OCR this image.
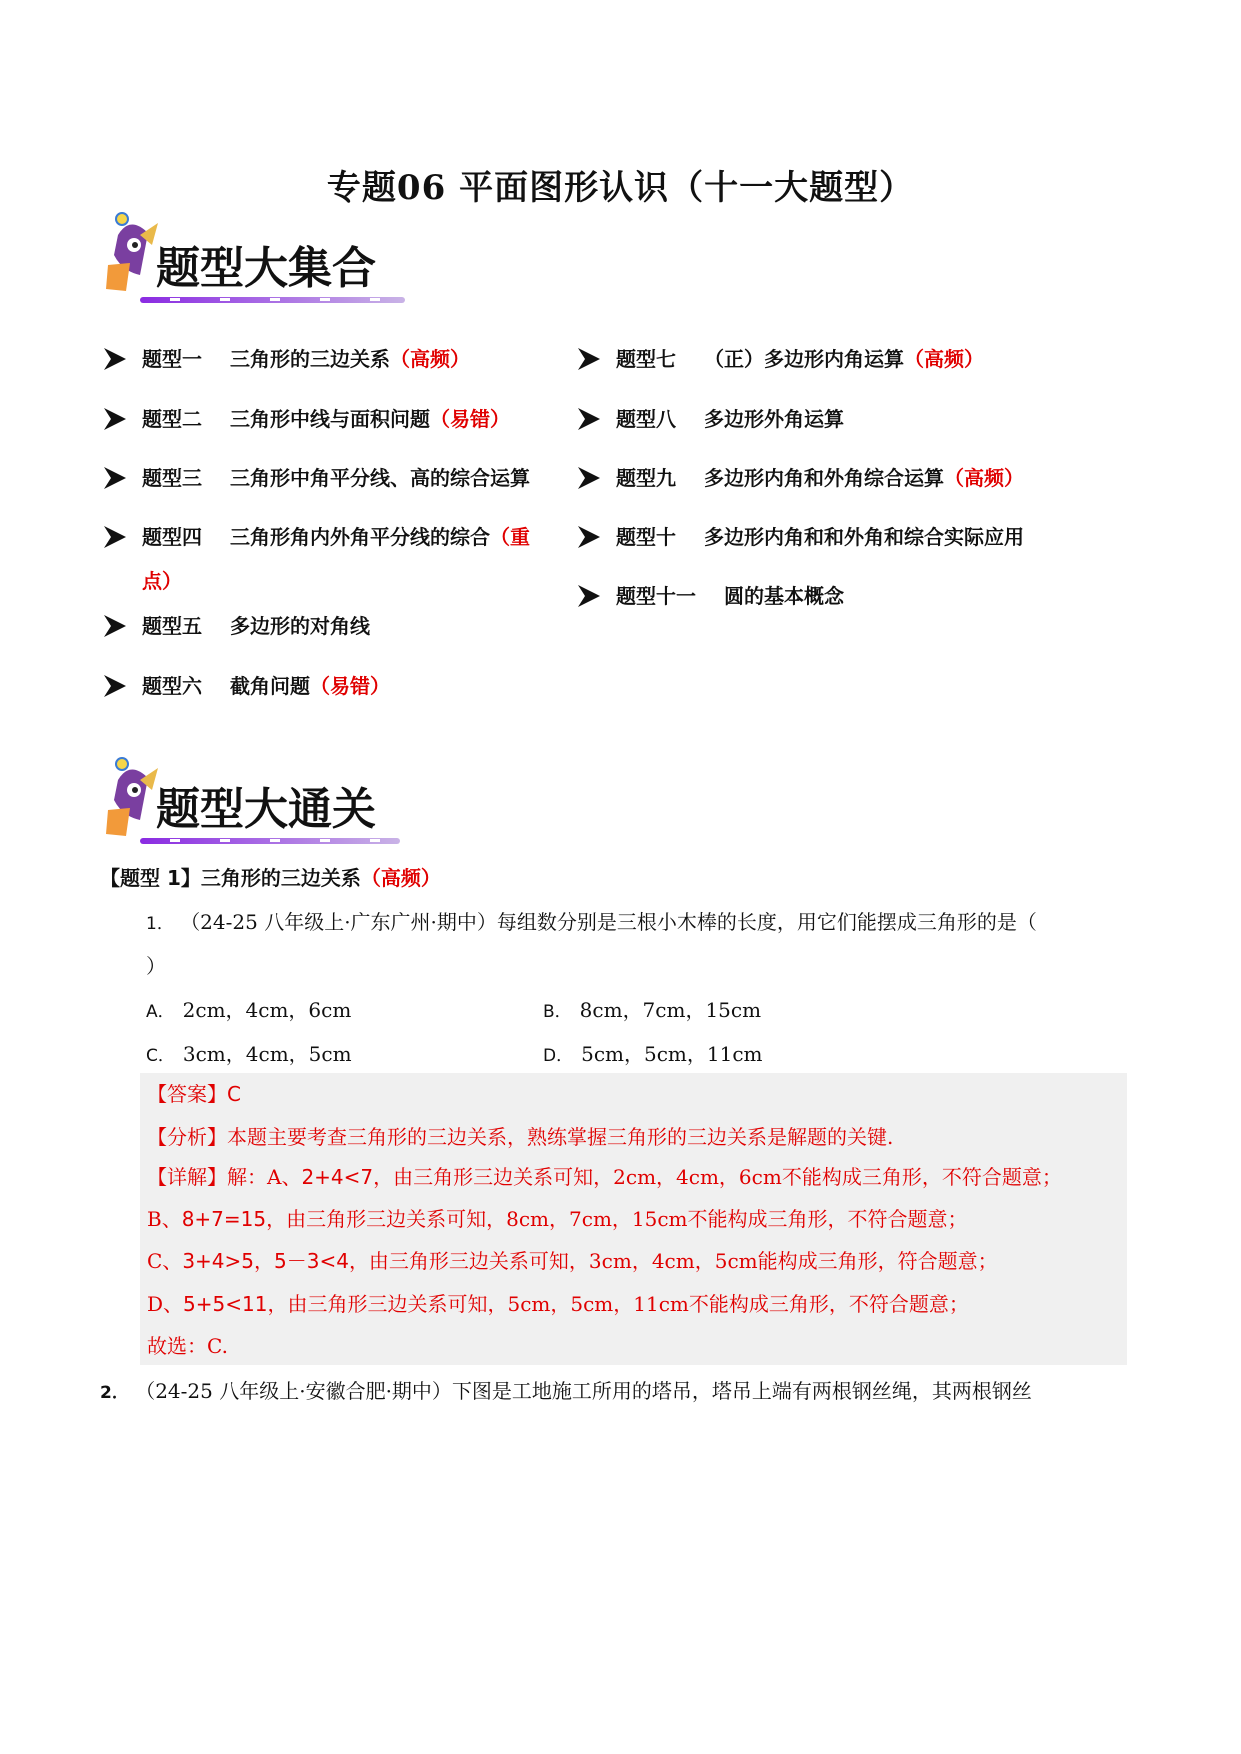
专题06 平面图形认识（十一大题型）
题型大集合
题型一 三角形的三边关系（高频）
题型二 三角形中线与面积问题（易错）
题型三 三角形中角平分线、高的综合运算
题型四 三角形角内外角平分线的综合（重
点）
题型五 多边形的对角线
题型六 截角问题（易错）
题型七 （正）多边形内角运算（高频）
题型八 多边形外角运算
题型九 多边形内角和外角综合运算（高频）
题型十 多边形内角和和外角和综合实际应用
题型十一 圆的基本概念
题型大通关
【题型 1】三角形的三边关系（高频）
1． （24-25 八年级上·广东广州·期中）每组数分别是三根小木棒的长度，用它们能摆成三角形的是（
）
A． 2cm，4cm，6cm	B． 8cm，7cm，15cm
C． 3cm，4cm，5cm	D． 5cm，5cm，11cm
【答案】C
【分析】本题主要考查三角形的三边关系，熟练掌握三角形的三边关系是解题的关键.
【详解】解：A、2+4<7，由三角形三边关系可知，2cm，4cm，6cm不能构成三角形，不符合题意；
B、8+7=15，由三角形三边关系可知，8cm，7cm，15cm不能构成三角形，不符合题意；
C、3+4>5，5－3<4，由三角形三边关系可知，3cm，4cm，5cm能构成三角形，符合题意；
D、5+5<11，由三角形三边关系可知，5cm，5cm，11cm不能构成三角形，不符合题意；
故选：C.
2． （24-25 八年级上·安徽合肥·期中）下图是工地施工所用的塔吊，塔吊上端有两根钢丝绳，其两根钢丝
